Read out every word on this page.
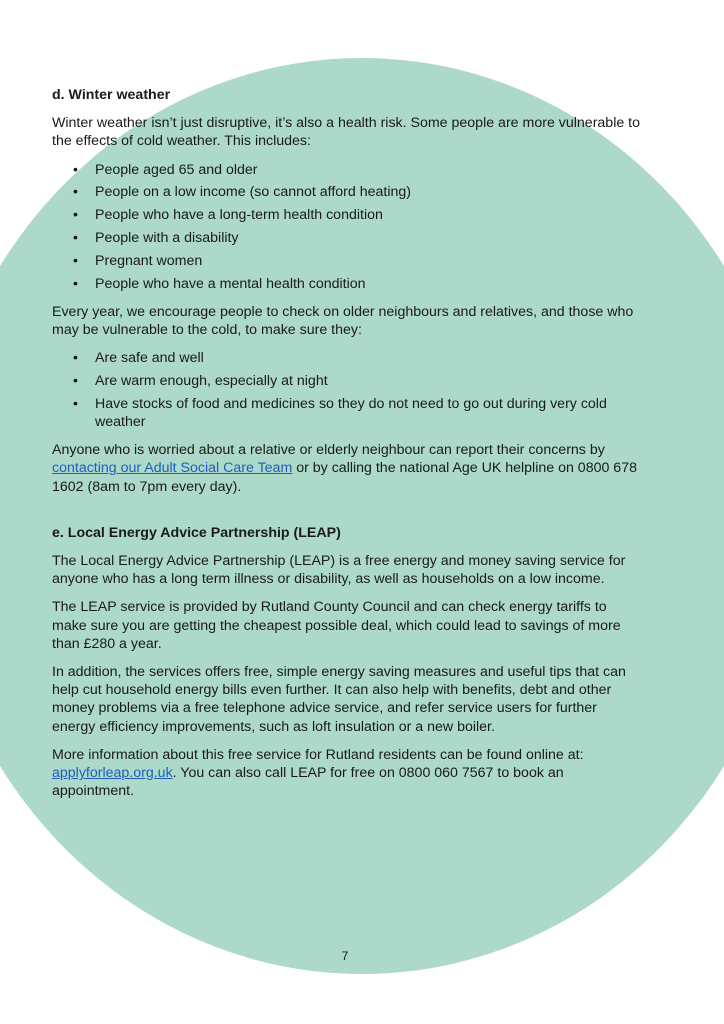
d. Winter weather

Winter weather isn’t just disruptive, it’s also a health risk. Some people are more vulnerable to the effects of cold weather. This includes:

• People aged 65 and older
• People on a low income (so cannot afford heating)
• People who have a long-term health condition
• People with a disability
• Pregnant women
• People who have a mental health condition

Every year, we encourage people to check on older neighbours and relatives, and those who may be vulnerable to the cold, to make sure they:

• Are safe and well
• Are warm enough, especially at night
• Have stocks of food and medicines so they do not need to go out during very cold weather

Anyone who is worried about a relative or elderly neighbour can report their concerns by contacting our Adult Social Care Team or by calling the national Age UK helpline on 0800 678 1602 (8am to 7pm every day).

e. Local Energy Advice Partnership (LEAP)

The Local Energy Advice Partnership (LEAP) is a free energy and money saving service for anyone who has a long term illness or disability, as well as households on a low income.

The LEAP service is provided by Rutland County Council and can check energy tariffs to make sure you are getting the cheapest possible deal, which could lead to savings of more than £280 a year.

In addition, the services offers free, simple energy saving measures and useful tips that can help cut household energy bills even further. It can also help with benefits, debt and other money problems via a free telephone advice service, and refer service users for further energy efficiency improvements, such as loft insulation or a new boiler.

More information about this free service for Rutland residents can be found online at: applyforleap.org.uk. You can also call LEAP for free on 0800 060 7567 to book an appointment.

7
